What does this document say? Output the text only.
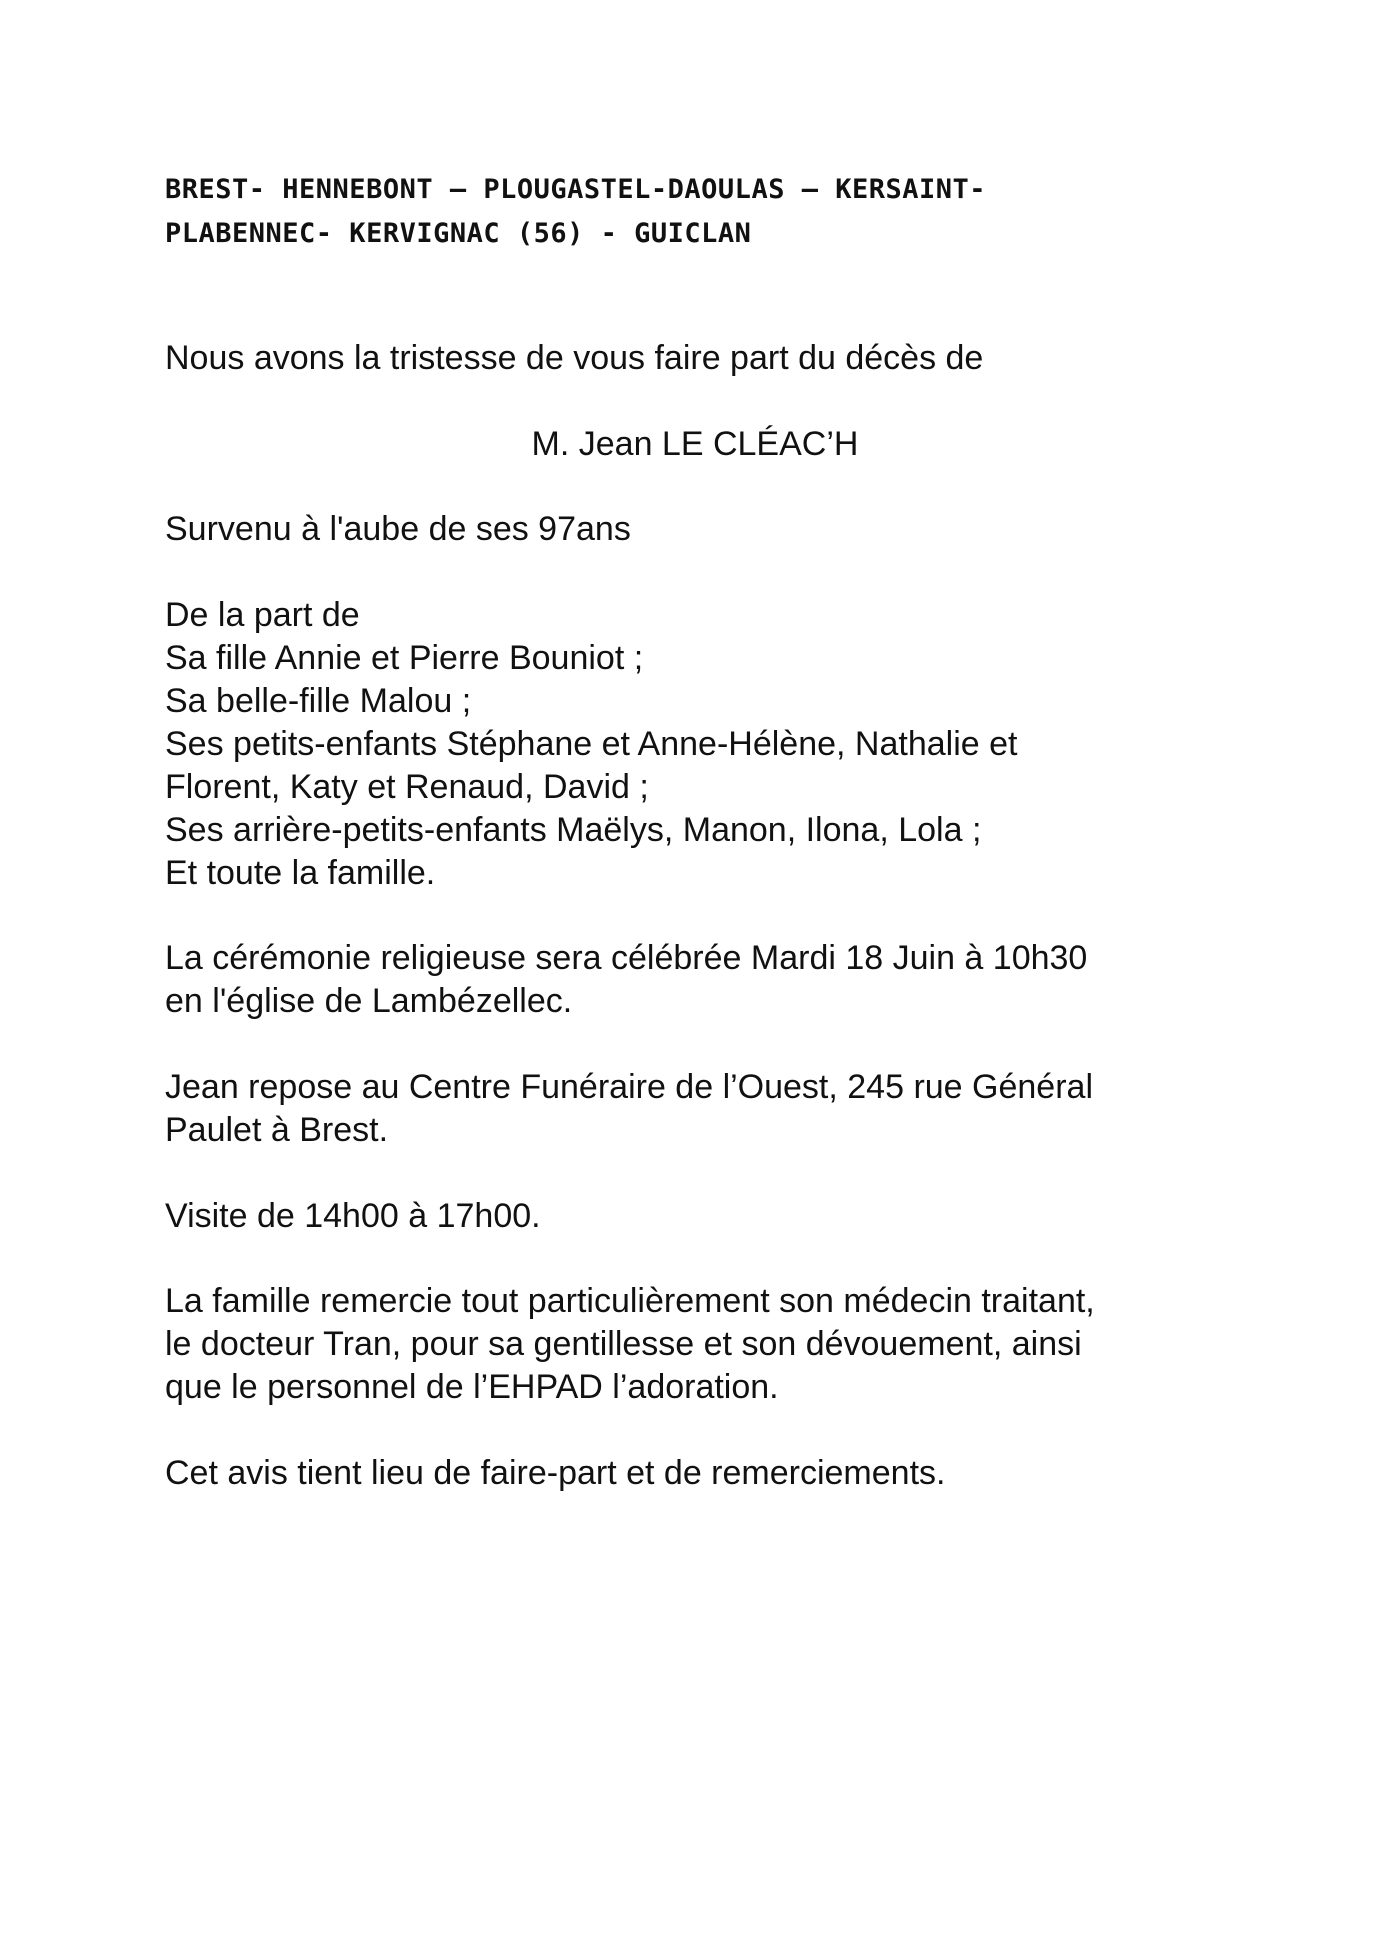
BREST- HENNEBONT – PLOUGASTEL-DAOULAS – KERSAINT-
PLABENNEC- KERVIGNAC (56) - GUICLAN
Nous avons la tristesse de vous faire part du décès de
M. Jean LE CLÉAC’H
Survenu à l'aube de ses 97ans
De la part de
Sa fille Annie et Pierre Bouniot ;
Sa belle-fille Malou ;
Ses petits-enfants Stéphane et Anne-Hélène, Nathalie et
Florent, Katy et Renaud, David ;
Ses arrière-petits-enfants Maëlys, Manon, Ilona, Lola ;
Et toute la famille.
La cérémonie religieuse sera célébrée Mardi 18 Juin à 10h30
en l'église de Lambézellec.
Jean repose au Centre Funéraire de l’Ouest, 245 rue Général
Paulet à Brest.
Visite de 14h00 à 17h00.
La famille remercie tout particulièrement son médecin traitant,
le docteur Tran, pour sa gentillesse et son dévouement, ainsi
que le personnel de l’EHPAD l’adoration.
Cet avis tient lieu de faire-part et de remerciements.
